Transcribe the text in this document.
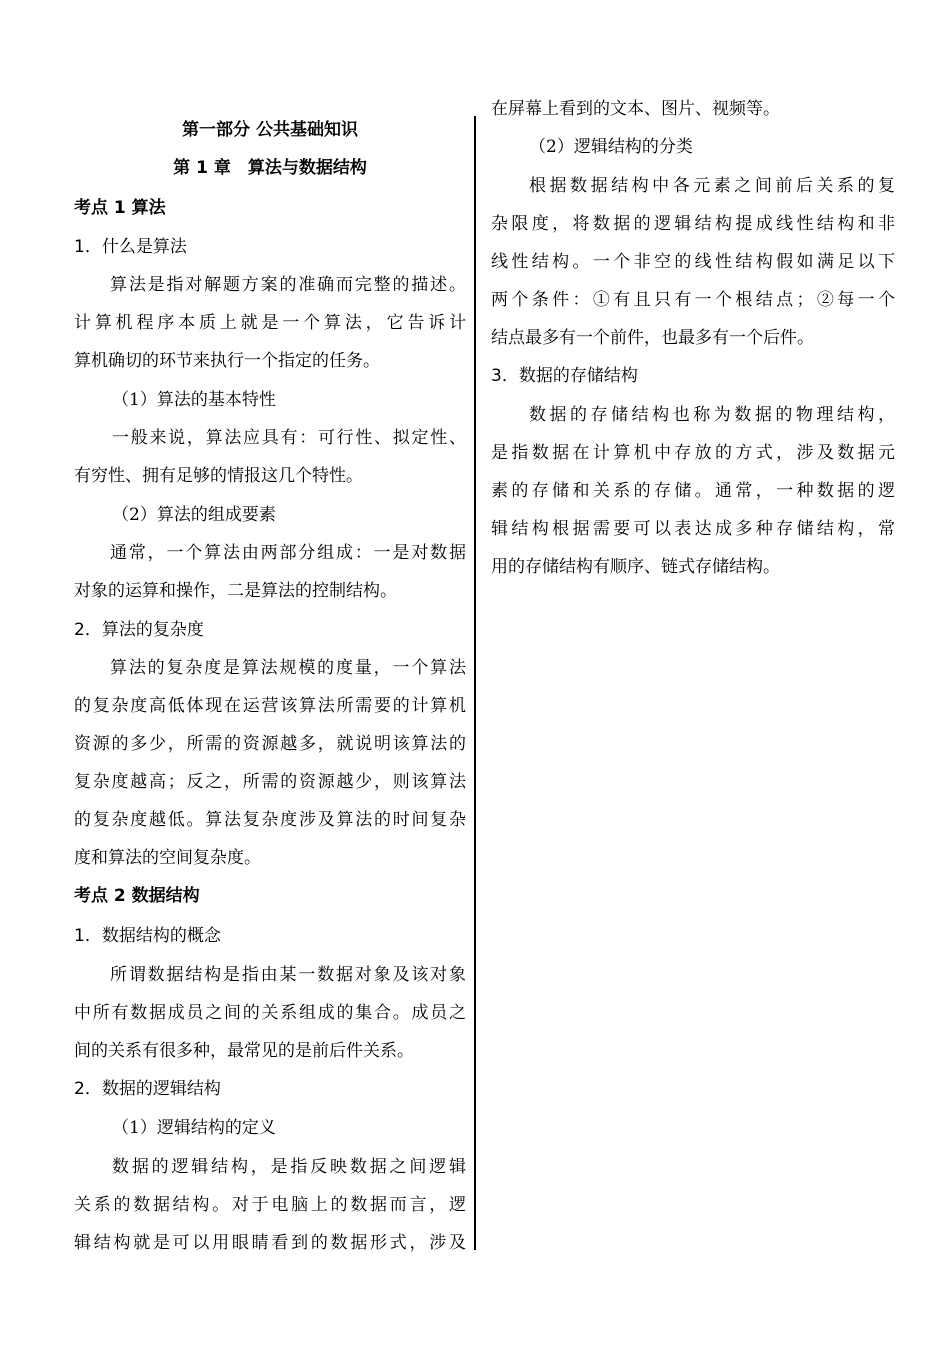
第一部分 公共基础知识
第 1 章　算法与数据结构
考点 1 算法
1．什么是算法
算法是指对解题方案的准确而完整的描述。
计算机程序本质上就是一个算法，它告诉计
算机确切的环节来执行一个指定的任务。
（1）算法的基本特性
一般来说，算法应具有：可行性、拟定性、
有穷性、拥有足够的情报这几个特性。
（2）算法的组成要素
通常，一个算法由两部分组成：一是对数据
对象的运算和操作，二是算法的控制结构。
2．算法的复杂度
算法的复杂度是算法规模的度量，一个算法
的复杂度高低体现在运营该算法所需要的计算机
资源的多少，所需的资源越多，就说明该算法的
复杂度越高；反之，所需的资源越少，则该算法
的复杂度越低。算法复杂度涉及算法的时间复杂
度和算法的空间复杂度。
考点 2 数据结构
1．数据结构的概念
所谓数据结构是指由某一数据对象及该对象
中所有数据成员之间的关系组成的集合。成员之
间的关系有很多种，最常见的是前后件关系。
2．数据的逻辑结构
（1）逻辑结构的定义
数据的逻辑结构，是指反映数据之间逻辑
关系的数据结构。对于电脑上的数据而言，逻
辑结构就是可以用眼睛看到的数据形式，涉及
在屏幕上看到的文本、图片、视频等。
（2）逻辑结构的分类
根据数据结构中各元素之间前后关系的复
杂限度，将数据的逻辑结构提成线性结构和非
线性结构。一个非空的线性结构假如满足以下
两个条件：①有且只有一个根结点；②每一个
结点最多有一个前件，也最多有一个后件。
3．数据的存储结构
数据的存储结构也称为数据的物理结构，
是指数据在计算机中存放的方式，涉及数据元
素的存储和关系的存储。通常，一种数据的逻
辑结构根据需要可以表达成多种存储结构，常
用的存储结构有顺序、链式存储结构。
